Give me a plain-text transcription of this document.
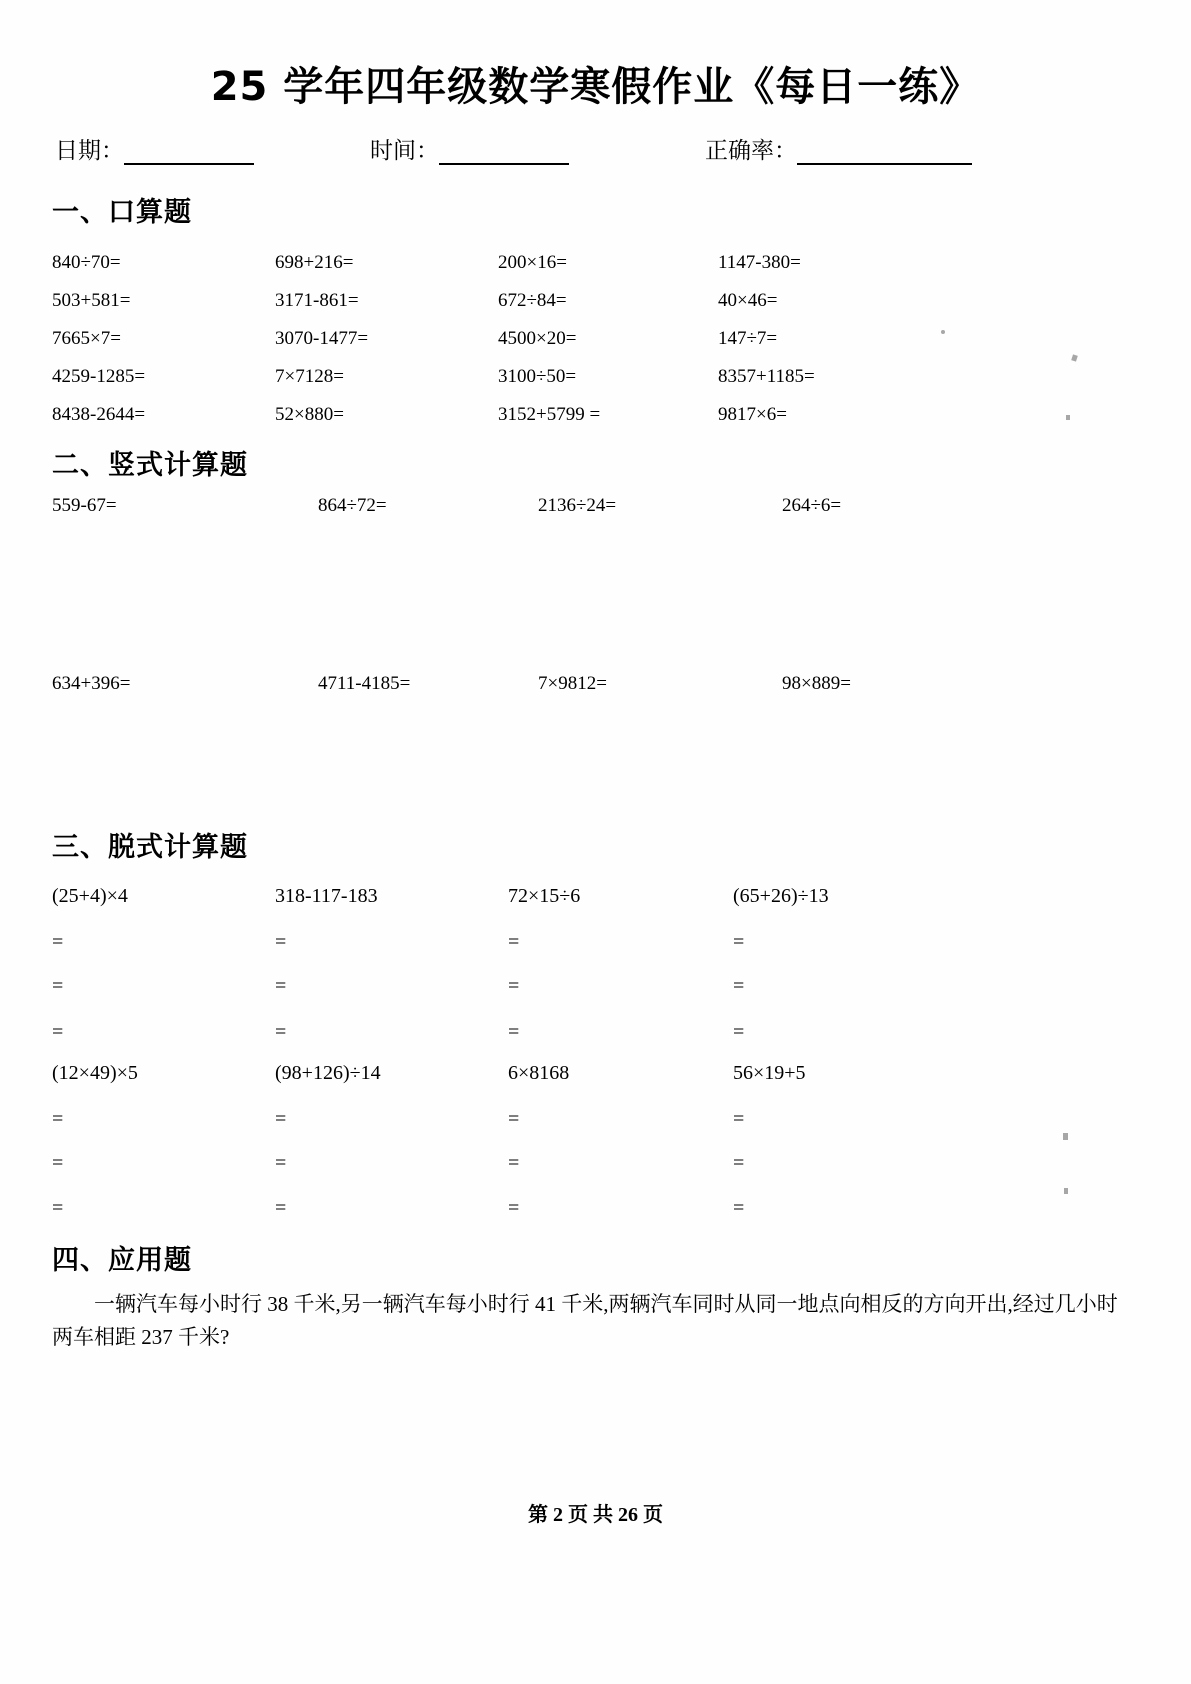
25 学年四年级数学寒假作业《每日一练》
日期：	时间：	正确率：
一、口算题
840÷70=	698+216=	200×16=	1147-380=
503+581=	3171-861=	672÷84=	40×46=
7665×7=	3070-1477=	4500×20=	147÷7=
4259-1285=	7×7128=	3100÷50=	8357+1185=
8438-2644=	52×880=	3152+5799 =	9817×6=
二、竖式计算题
559-67=	864÷72=	2136÷24=	264÷6=
634+396=	4711-4185=	7×9812=	98×889=
三、脱式计算题
(25+4)×4	318-117-183	72×15÷6	(65+26)÷13
=	=	=	=
=	=	=	=
=	=	=	=
(12×49)×5	(98+126)÷14	6×8168	56×19+5
=	=	=	=
=	=	=	=
=	=	=	=
四、应用题
一辆汽车每小时行 38 千米,另一辆汽车每小时行 41 千米,两辆汽车同时从同一地点向相反的方向开出,经过几小时两车相距 237 千米?
第 2 页 共 26 页
